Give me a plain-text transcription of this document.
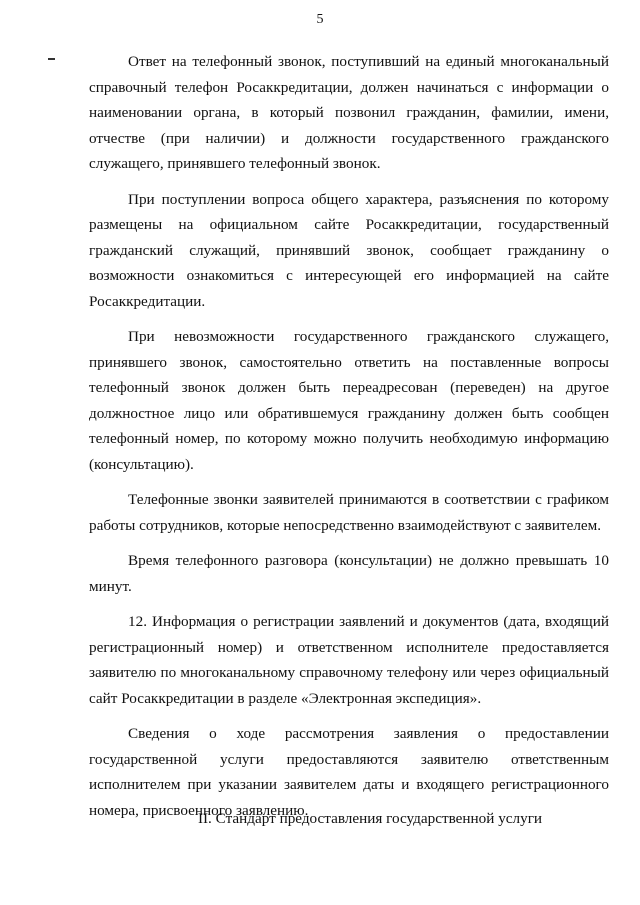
5

Ответ на телефонный звонок, поступивший на единый многоканальный справочный телефон Росаккредитации, должен начинаться с информации о наименовании органа, в который позвонил гражданин, фамилии, имени, отчестве (при наличии) и должности государственного гражданского служащего, принявшего телефонный звонок.

При поступлении вопроса общего характера, разъяснения по которому размещены на официальном сайте Росаккредитации, государственный гражданский служащий, принявший звонок, сообщает гражданину о возможности ознакомиться с интересующей его информацией на сайте Росаккредитации.

При невозможности государственного гражданского служащего, принявшего звонок, самостоятельно ответить на поставленные вопросы телефонный звонок должен быть переадресован (переведен) на другое должностное лицо или обратившемуся гражданину должен быть сообщен телефонный номер, по которому можно получить необходимую информацию (консультацию).

Телефонные звонки заявителей принимаются в соответствии с графиком работы сотрудников, которые непосредственно взаимодействуют с заявителем.

Время телефонного разговора (консультации) не должно превышать 10 минут.

12. Информация о регистрации заявлений и документов (дата, входящий регистрационный номер) и ответственном исполнителе предоставляется заявителю по многоканальному справочному телефону или через официальный сайт Росаккредитации в разделе «Электронная экспедиция».

Сведения о ходе рассмотрения заявления о предоставлении государственной услуги предоставляются заявителю ответственным исполнителем при указании заявителем даты и входящего регистрационного номера, присвоенного заявлению.

II. Стандарт предоставления государственной услуги
